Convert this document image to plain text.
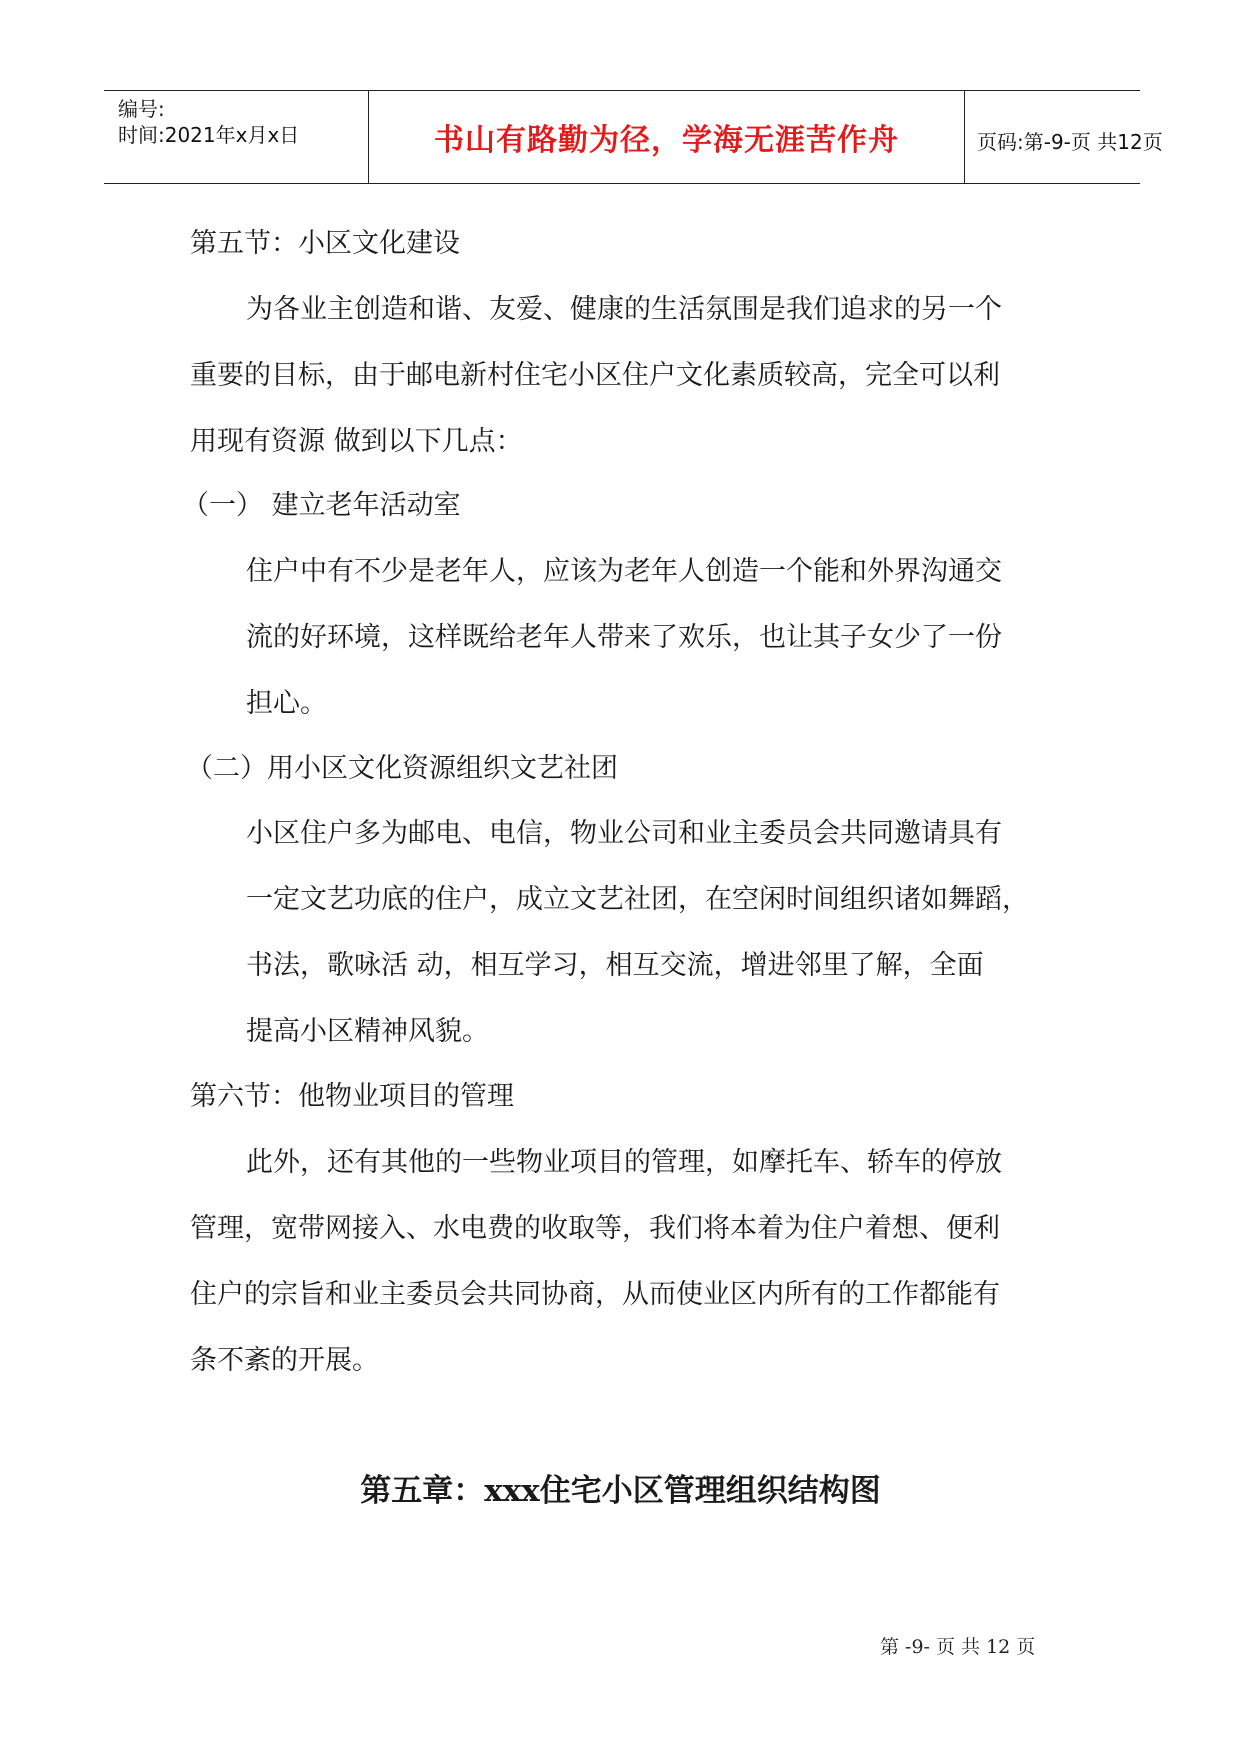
编号:
时间:2021年x月x日	书山有路勤为径，学海无涯苦作舟	页码:第-9-页 共12页
第五节：小区文化建设
为各业主创造和谐、友爱、健康的生活氛围是我们追求的另一个
重要的目标，由于邮电新村住宅小区住户文化素质较高，完全可以利
用现有资源 做到以下几点：
（一） 建立老年活动室
住户中有不少是老年人，应该为老年人创造一个能和外界沟通交
流的好环境，这样既给老年人带来了欢乐，也让其子女少了一份
担心。
（二）用小区文化资源组织文艺社团
小区住户多为邮电、电信，物业公司和业主委员会共同邀请具有
一定文艺功底的住户，成立文艺社团，在空闲时间组织诸如舞蹈，
书法，歌咏活 动，相互学习，相互交流，增进邻里了解，全面
提高小区精神风貌。
第六节：他物业项目的管理
此外，还有其他的一些物业项目的管理，如摩托车、轿车的停放
管理，宽带网接入、水电费的收取等，我们将本着为住户着想、便利
住户的宗旨和业主委员会共同协商，从而使业区内所有的工作都能有
条不紊的开展。
第五章：xxx住宅小区管理组织结构图
第 -9- 页 共 12 页
